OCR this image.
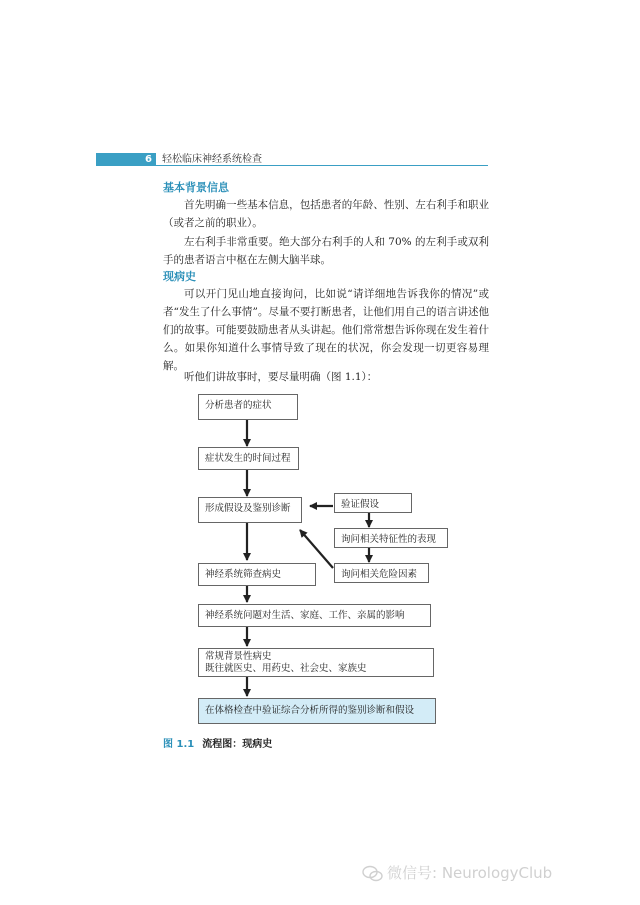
6	轻松临床神经系统检查
基本背景信息

首先明确一些基本信息，包括患者的年龄、性别、左右利手和职业（或者之前的职业）。

左右利手非常重要。绝大部分右利手的人和 70% 的左利手或双利手的患者语言中枢在左侧大脑半球。

现病史

可以开门见山地直接询问，比如说“请详细地告诉我你的情况”或者“发生了什么事情”。尽量不要打断患者，让他们用自己的语言讲述他们的故事。可能要鼓励患者从头讲起。他们常常想告诉你现在发生着什么。如果你知道什么事情导致了现在的状况，你会发现一切更容易理解。

听他们讲故事时，要尽量明确（图 1.1）：

分析患者的症状
症状发生的时间过程
形成假设及鉴别诊断	验证假设
询问相关特征性的表现
询问相关危险因素
神经系统筛查病史
神经系统问题对生活、家庭、工作、亲属的影响
常规背景性病史
既往就医史、用药史、社会史、家族史
在体格检查中验证综合分析所得的鉴别诊断和假设
图 1.1 流程图：现病史
微信号: NeurologyClub
